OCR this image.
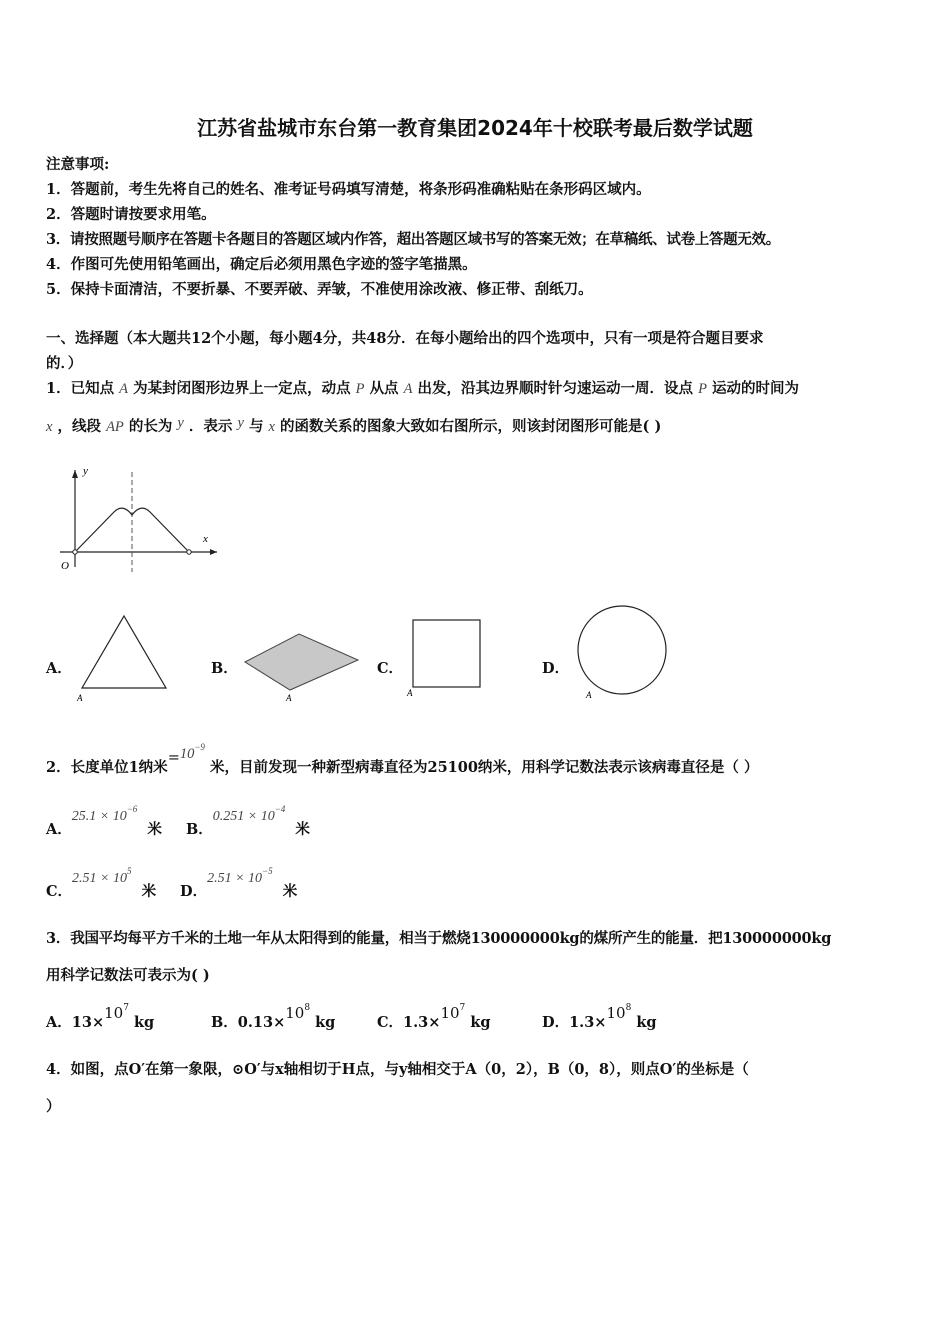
江苏省盐城市东台第一教育集团2024年十校联考最后数学试题
注意事项:
1．答题前，考生先将自己的姓名、准考证号码填写清楚，将条形码准确粘贴在条形码区域内。
2．答题时请按要求用笔。
3．请按照题号顺序在答题卡各题目的答题区域内作答，超出答题区域书写的答案无效；在草稿纸、试卷上答题无效。
4．作图可先使用铅笔画出，确定后必须用黑色字迹的签字笔描黑。
5．保持卡面清洁，不要折暴、不要弄破、弄皱，不准使用涂改液、修正带、刮纸刀。
一、选择题（本大题共12个小题，每小题4分，共48分．在每小题给出的四个选项中，只有一项是符合题目要求
的．）
1．已知点 A 为某封闭图形边界上一定点，动点 P 从点 A 出发，沿其边界顺时针匀速运动一周．设点 P 运动的时间为
x ，线段 AP 的长为 y ．表示 y 与 x 的函数关系的图象大致如右图所示，则该封闭图形可能是( )
y
x
O
A．
A
B．
A
C．
A
D．
A
2．长度单位1纳米$=10^{-9}$ 米，目前发现一种新型病毒直径为25100纳米，用科学记数法表示该病毒直径是（ ）
A．$25.1 \times 10^{-6}$  米 B．$0.251 \times 10^{-4}$  米
C．$2.51 \times 10^5$  米 D．$2.51 \times 10^{-5}$  米
3．我国平均每平方千米的土地一年从太阳得到的能量，相当于燃烧130000000kg的煤所产生的能量．把130000000kg
用科学记数法可表示为( )
A．$13\times 10^7$ kg	B．$0.13\times 10^8$ kg	C．$1.3\times 10^7$ kg	D．$1.3\times 10^8$ kg
4．如图，点O′在第一象限，⊙O′与x轴相切于H点，与y轴相交于A（0，2），B（0，8），则点O′的坐标是（
）
